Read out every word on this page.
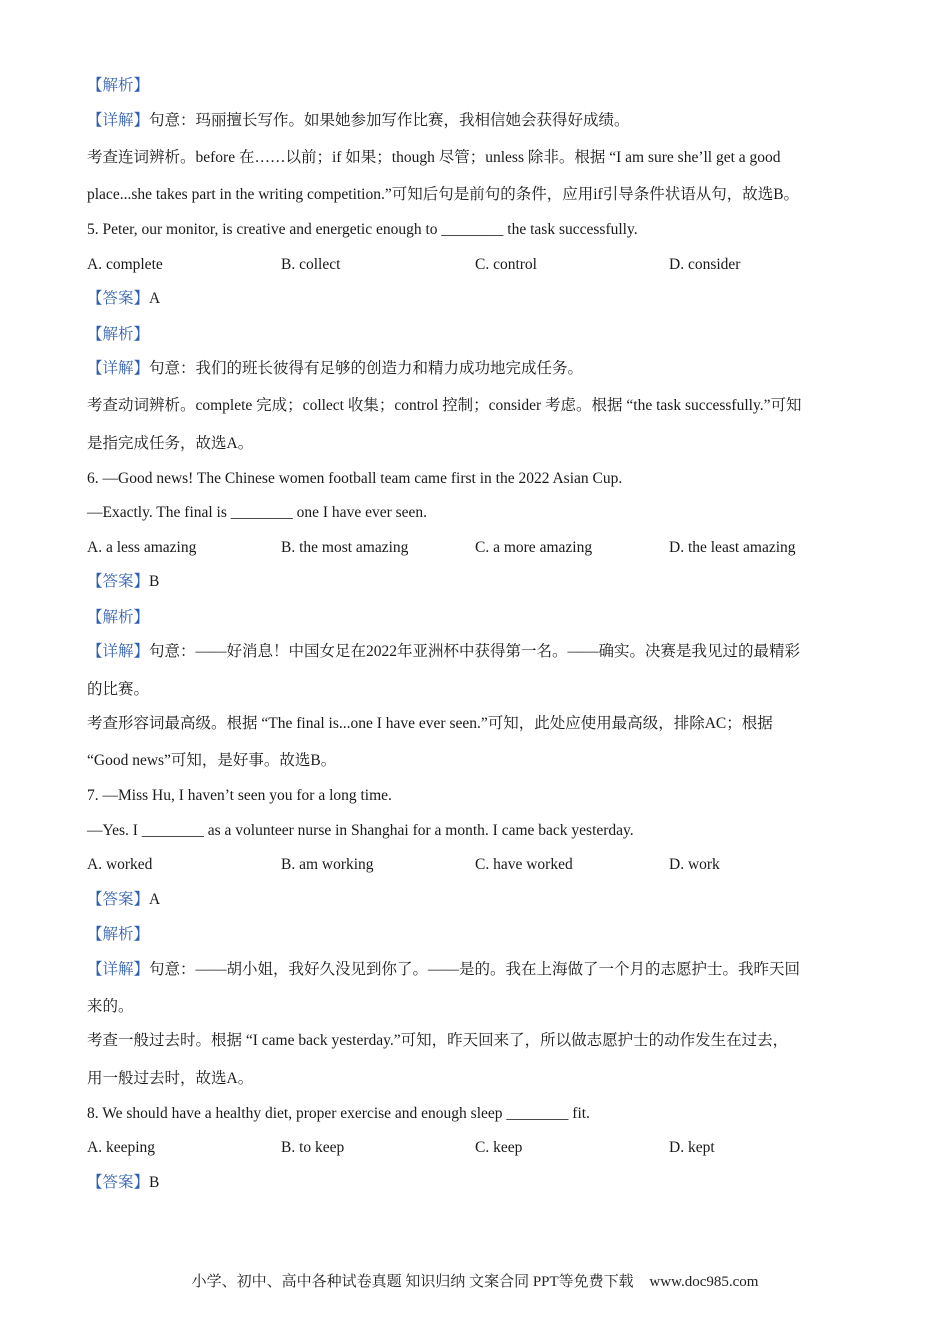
【解析】
【详解】句意：玛丽擅长写作。如果她参加写作比赛，我相信她会获得好成绩。
考查连词辨析。before 在……以前；if 如果；though 尽管；unless 除非。根据 “I am sure she’ll get a good
place...she takes part in the writing competition.”可知后句是前句的条件，应用if引导条件状语从句，故选B。
5. Peter, our monitor, is creative and energetic enough to ________ the task successfully.
A. complete	B. collect	C. control	D. consider
【答案】A
【解析】
【详解】句意：我们的班长彼得有足够的创造力和精力成功地完成任务。
考查动词辨析。complete 完成；collect 收集；control 控制；consider 考虑。根据 “the task successfully.”可知
是指完成任务，故选A。
6. —Good news! The Chinese women football team came first in the 2022 Asian Cup.
—Exactly. The final is ________ one I have ever seen.
A. a less amazing	B. the most amazing	C. a more amazing	D. the least amazing
【答案】B
【解析】
【详解】句意：——好消息！中国女足在2022年亚洲杯中获得第一名。——确实。决赛是我见过的最精彩
的比赛。
考查形容词最高级。根据 “The final is...one I have ever seen.”可知，此处应使用最高级，排除AC；根据
“Good news”可知，是好事。故选B。
7. —Miss Hu, I haven’t seen you for a long time.
—Yes. I ________ as a volunteer nurse in Shanghai for a month. I came back yesterday.
A. worked	B. am working	C. have worked	D. work
【答案】A
【解析】
【详解】句意：——胡小姐，我好久没见到你了。——是的。我在上海做了一个月的志愿护士。我昨天回
来的。
考查一般过去时。根据 “I came back yesterday.”可知，昨天回来了，所以做志愿护士的动作发生在过去，
用一般过去时，故选A。
8. We should have a healthy diet, proper exercise and enough sleep ________ fit.
A. keeping	B. to keep	C. keep	D. kept
【答案】B
小学、初中、高中各种试卷真题 知识归纳 文案合同 PPT等免费下载 www.doc985.com
